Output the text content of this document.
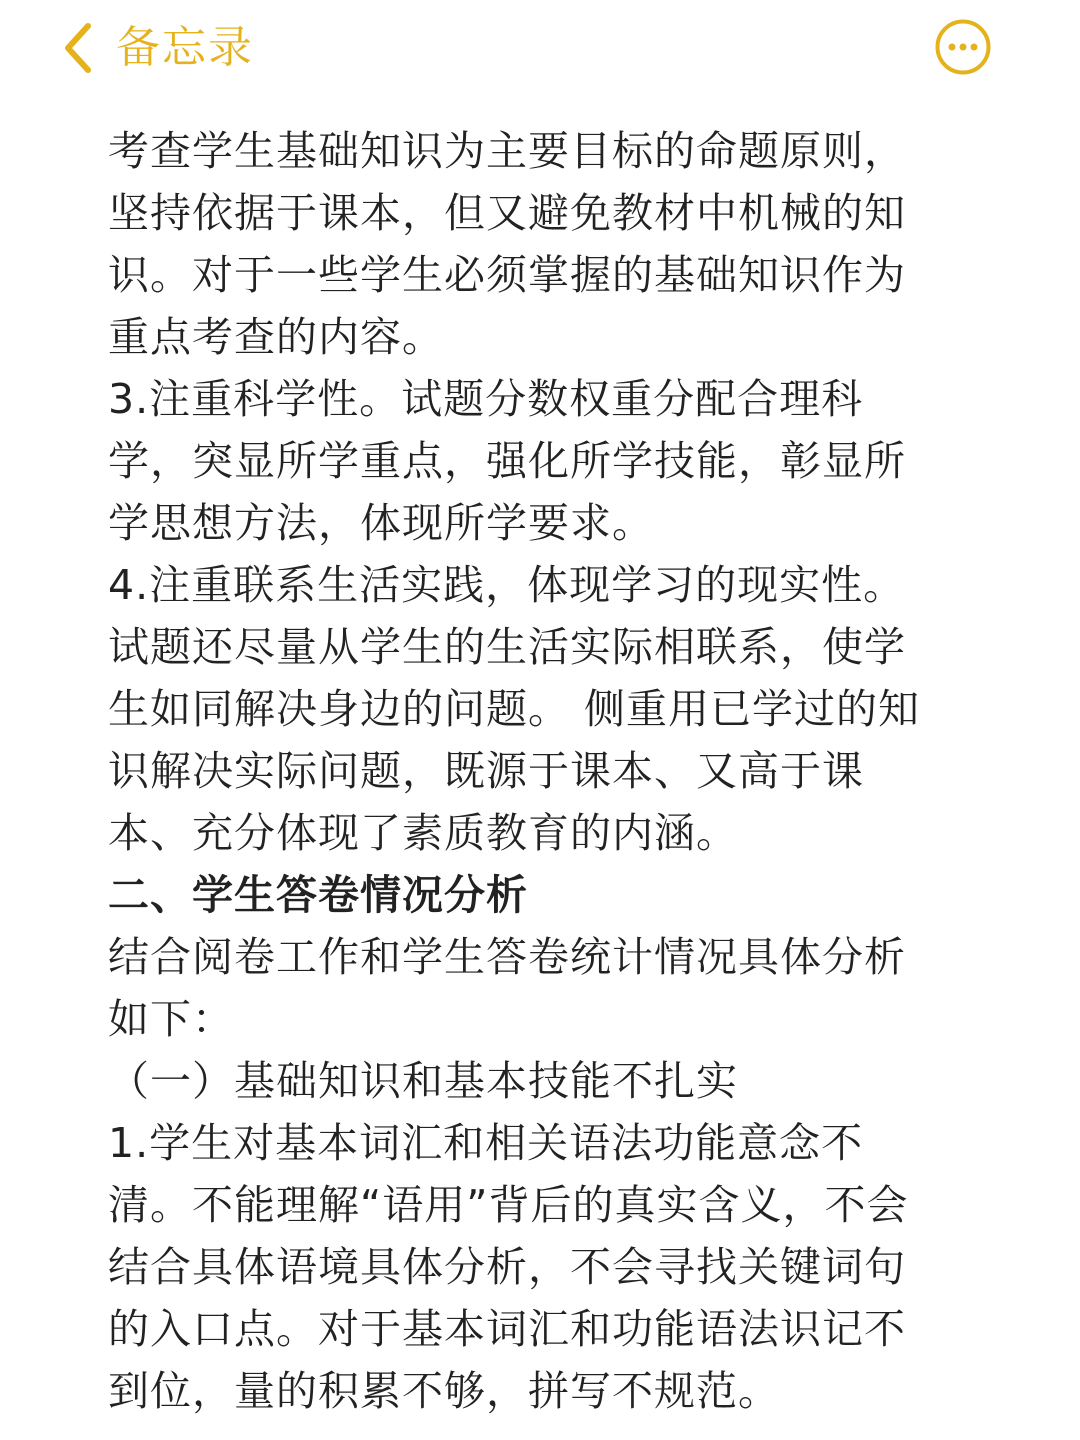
备忘录
考查学生基础知识为主要目标的命题原则，
坚持依据于课本，但又避免教材中机械的知
识。对于一些学生必须掌握的基础知识作为
重点考查的内容。
3.注重科学性。试题分数权重分配合理科
学，突显所学重点，强化所学技能，彰显所
学思想方法，体现所学要求。
4.注重联系生活实践，体现学习的现实性。
试题还尽量从学生的生活实际相联系，使学
生如同解决身边的问题。 侧重用已学过的知
识解决实际问题，既源于课本、又高于课
本、充分体现了素质教育的内涵。
二、学生答卷情况分析
结合阅卷工作和学生答卷统计情况具体分析
如下：
（一）基础知识和基本技能不扎实
1.学生对基本词汇和相关语法功能意念不
清。不能理解“语用”背后的真实含义，不会
结合具体语境具体分析，不会寻找关键词句
的入口点。对于基本词汇和功能语法识记不
到位，量的积累不够，拼写不规范。
